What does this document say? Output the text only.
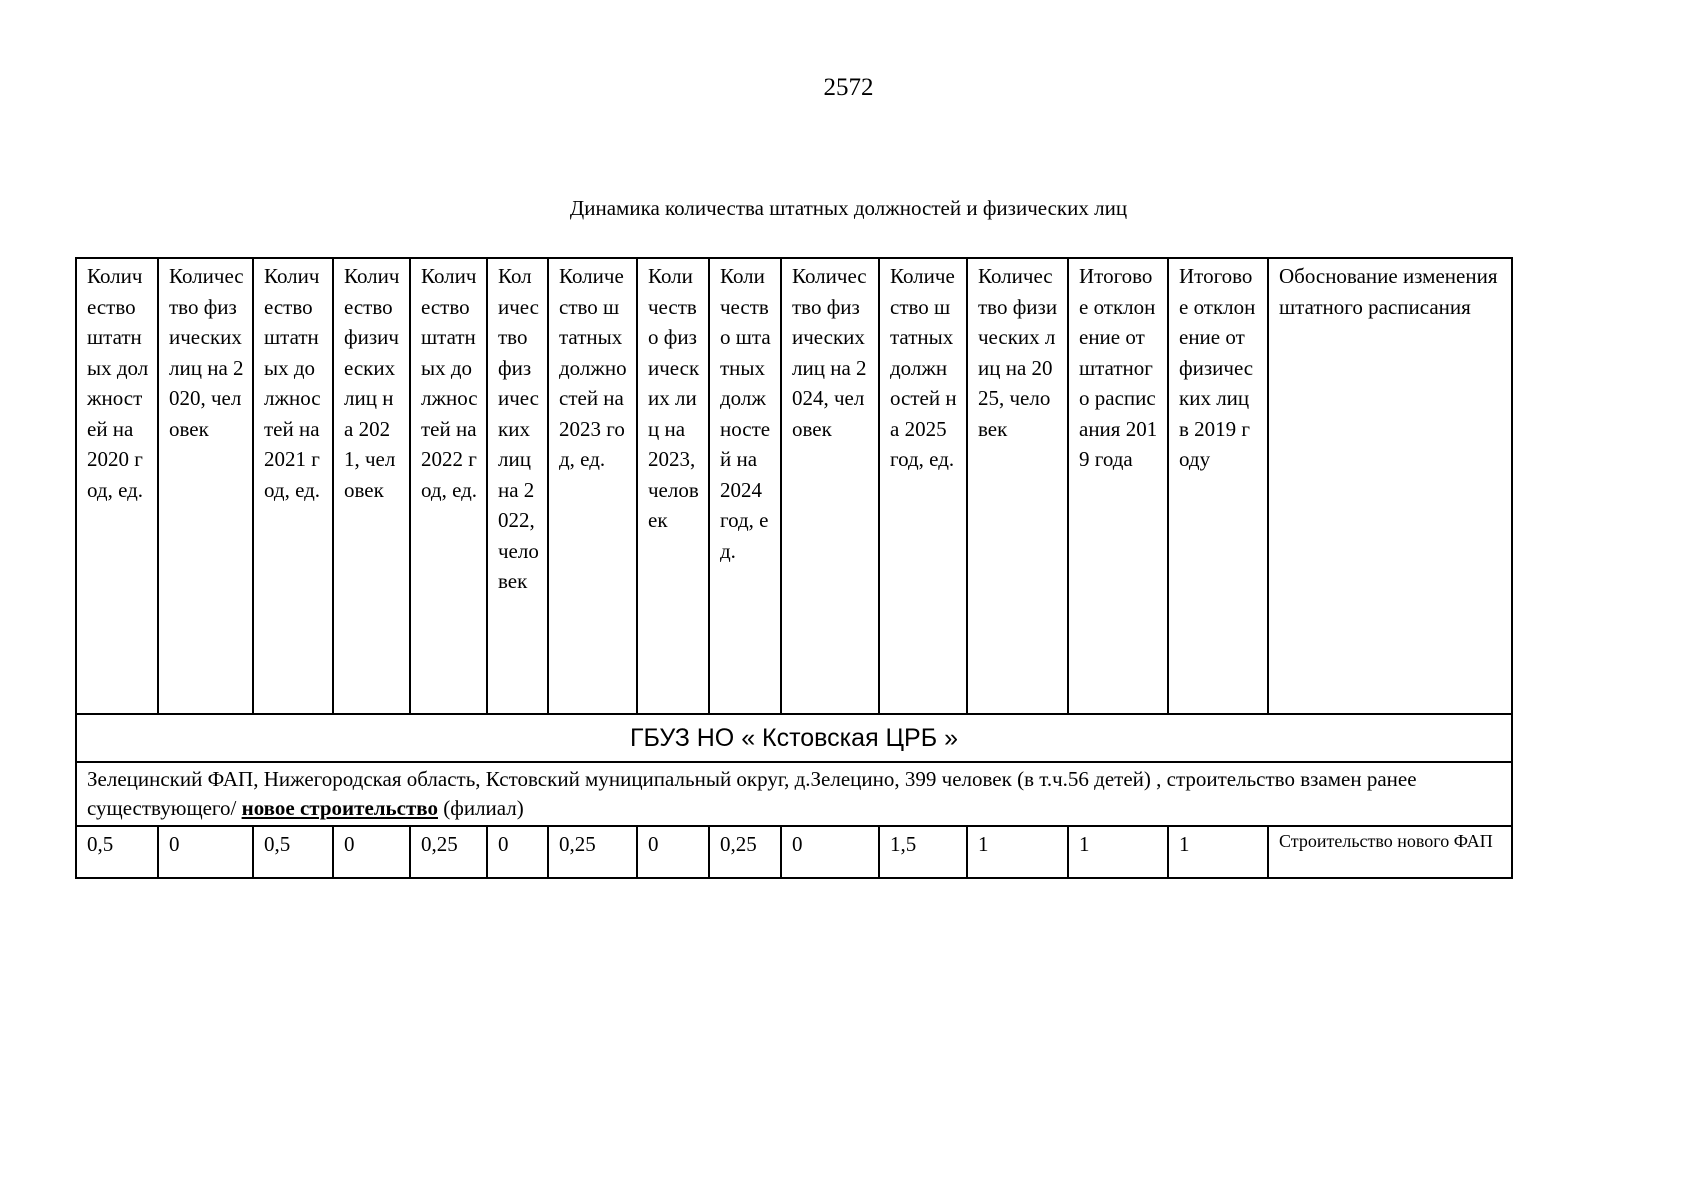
2572
Динамика количества штатных должностей и физических лиц
Количество штатных должностей на 2020 год, ед.	Количество физических лиц на 2020, человек	Количество штатных должностей на 2021 год, ед.	Количество физических лиц на 2021, человек	Количество штатных должностей на 2022 год, ед.	Количество физических лиц на 2022, человек	Количество штатных должностей на 2023 год, ед.	Количество физических лиц на 2023, человек	Количество штатных должностей на 2024 год, ед.	Количество физических лиц на 2024, человек	Количество штатных должностей на 2025 год, ед.	Количество физических лиц на 2025, человек	Итоговое отклонение от штатного расписания 2019 года	Итоговое отклонение от физических лиц в 2019 году	Обоснование изменения штатного расписания
ГБУЗ НО « Кстовская ЦРБ »														
Зелецинский ФАП, Нижегородская область, Кстовский муниципальный округ, д.Зелецино, 399 человек (в т.ч.56 детей) , строительство взамен ранее существующего/ новое строительство (филиал)														
0,5	0	0,5	0	0,25	0	0,25	0	0,25	0	1,5	1	1	1	Строительство нового ФАП
